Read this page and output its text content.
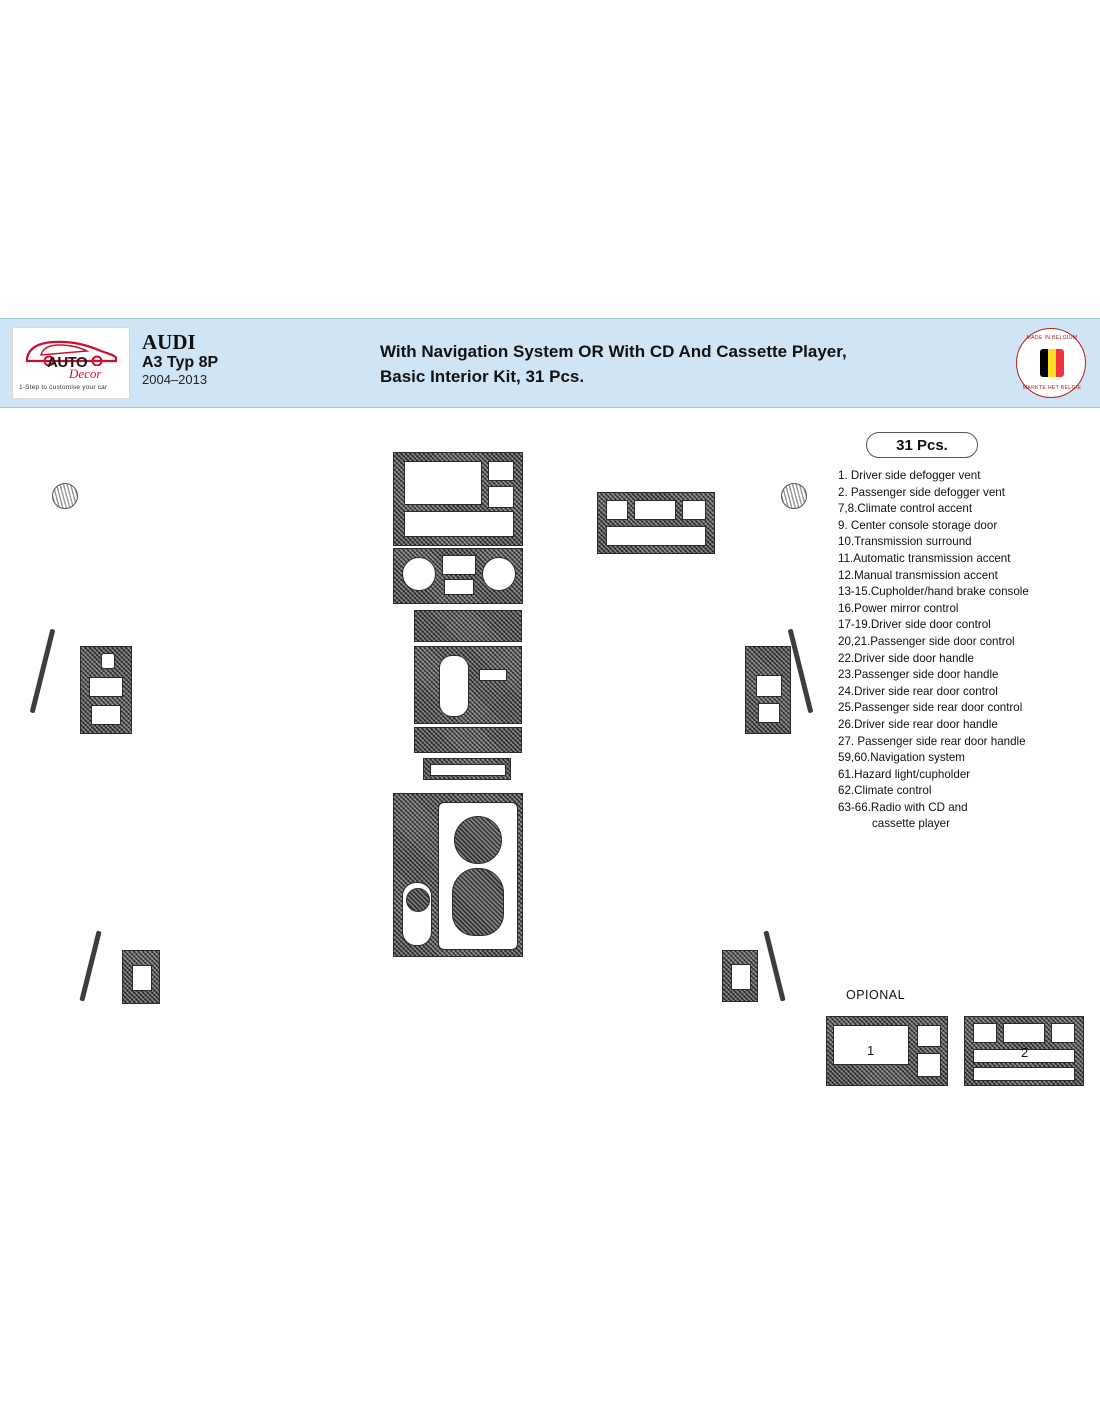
AUTO
Decor
1-Step to customise your car
AUDI
A3 Typ 8P
2004–2013
With Navigation System OR With CD And Cassette Player,
Basic Interior Kit, 31 Pcs.
MADE IN BELGIUM
MARKTE HET BELGIE
31 Pcs.
1. Driver side defogger vent
2. Passenger side defogger vent
7,8.Climate control accent
9. Center console storage door
10.Transmission surround
11.Automatic transmission accent
12.Manual transmission accent
13-15.Cupholder/hand brake console
16.Power mirror control
17-19.Driver side door control
20,21.Passenger side door control
22.Driver side door handle
23.Passenger side door handle
24.Driver side rear door control
25.Passenger side rear door control
26.Driver side rear door handle
27. Passenger side rear door handle
59,60.Navigation system
61.Hazard light/cupholder
62.Climate control
63-66.Radio with CD and
cassette player
OPIONAL
1	2
